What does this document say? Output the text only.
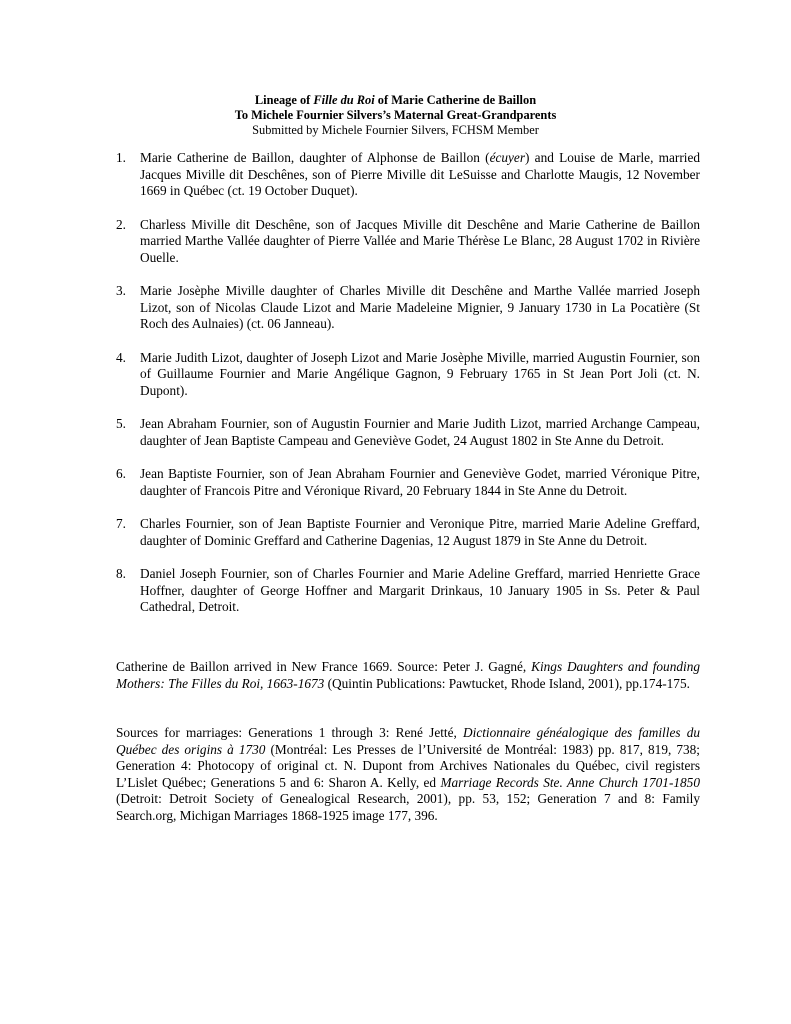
Lineage of Fille du Roi of Marie Catherine de Baillon
To Michele Fournier Silvers’s Maternal Great-Grandparents
Submitted by Michele Fournier Silvers, FCHSM Member
1. Marie Catherine de Baillon, daughter of Alphonse de Baillon (écuyer) and Louise de Marle, married Jacques Miville dit Deschênes, son of Pierre Miville dit LeSuisse and Charlotte Maugis, 12 November 1669 in Québec (ct. 19 October Duquet).
2. Charless Miville dit Deschêne, son of Jacques Miville dit Deschêne and Marie Catherine de Baillon married Marthe Vallée daughter of Pierre Vallée and Marie Thérèse Le Blanc, 28 August 1702 in Rivière Ouelle.
3. Marie Josèphe Miville daughter of Charles Miville dit Deschêne and Marthe Vallée married Joseph Lizot, son of Nicolas Claude Lizot and Marie Madeleine Mignier, 9 January 1730 in La Pocatière (St Roch des Aulnaies) (ct. 06 Janneau).
4. Marie Judith Lizot, daughter of Joseph Lizot and Marie Josèphe Miville, married Augustin Fournier, son of Guillaume Fournier and Marie Angélique Gagnon, 9 February 1765 in St Jean Port Joli (ct. N. Dupont).
5. Jean Abraham Fournier, son of Augustin Fournier and Marie Judith Lizot, married Archange Campeau, daughter of Jean Baptiste Campeau and Geneviève Godet, 24 August 1802 in Ste Anne du Detroit.
6. Jean Baptiste Fournier, son of Jean Abraham Fournier and Geneviève Godet, married Véronique Pitre, daughter of Francois Pitre and Véronique Rivard, 20 February 1844 in Ste Anne du Detroit.
7. Charles Fournier, son of Jean Baptiste Fournier and Veronique Pitre, married Marie Adeline Greffard, daughter of Dominic Greffard and Catherine Dagenias, 12 August 1879 in Ste Anne du Detroit.
8. Daniel Joseph Fournier, son of Charles Fournier and Marie Adeline Greffard, married Henriette Grace Hoffner, daughter of George Hoffner and Margarit Drinkaus, 10 January 1905 in Ss. Peter & Paul Cathedral, Detroit.

Catherine de Baillon arrived in New France 1669. Source: Peter J. Gagné, Kings Daughters and founding Mothers: The Filles du Roi, 1663-1673 (Quintin Publications: Pawtucket, Rhode Island, 2001), pp.174-175.

Sources for marriages: Generations 1 through 3: René Jetté, Dictionnaire généalogique des familles du Québec des origins à 1730 (Montréal: Les Presses de l’Université de Montréal: 1983) pp. 817, 819, 738; Generation 4: Photocopy of original ct. N. Dupont from Archives Nationales du Québec, civil registers L’Lislet Québec; Generations 5 and 6: Sharon A. Kelly, ed Marriage Records Ste. Anne Church 1701-1850 (Detroit: Detroit Society of Genealogical Research, 2001), pp. 53, 152; Generation 7 and 8: Family Search.org, Michigan Marriages 1868-1925 image 177, 396.
